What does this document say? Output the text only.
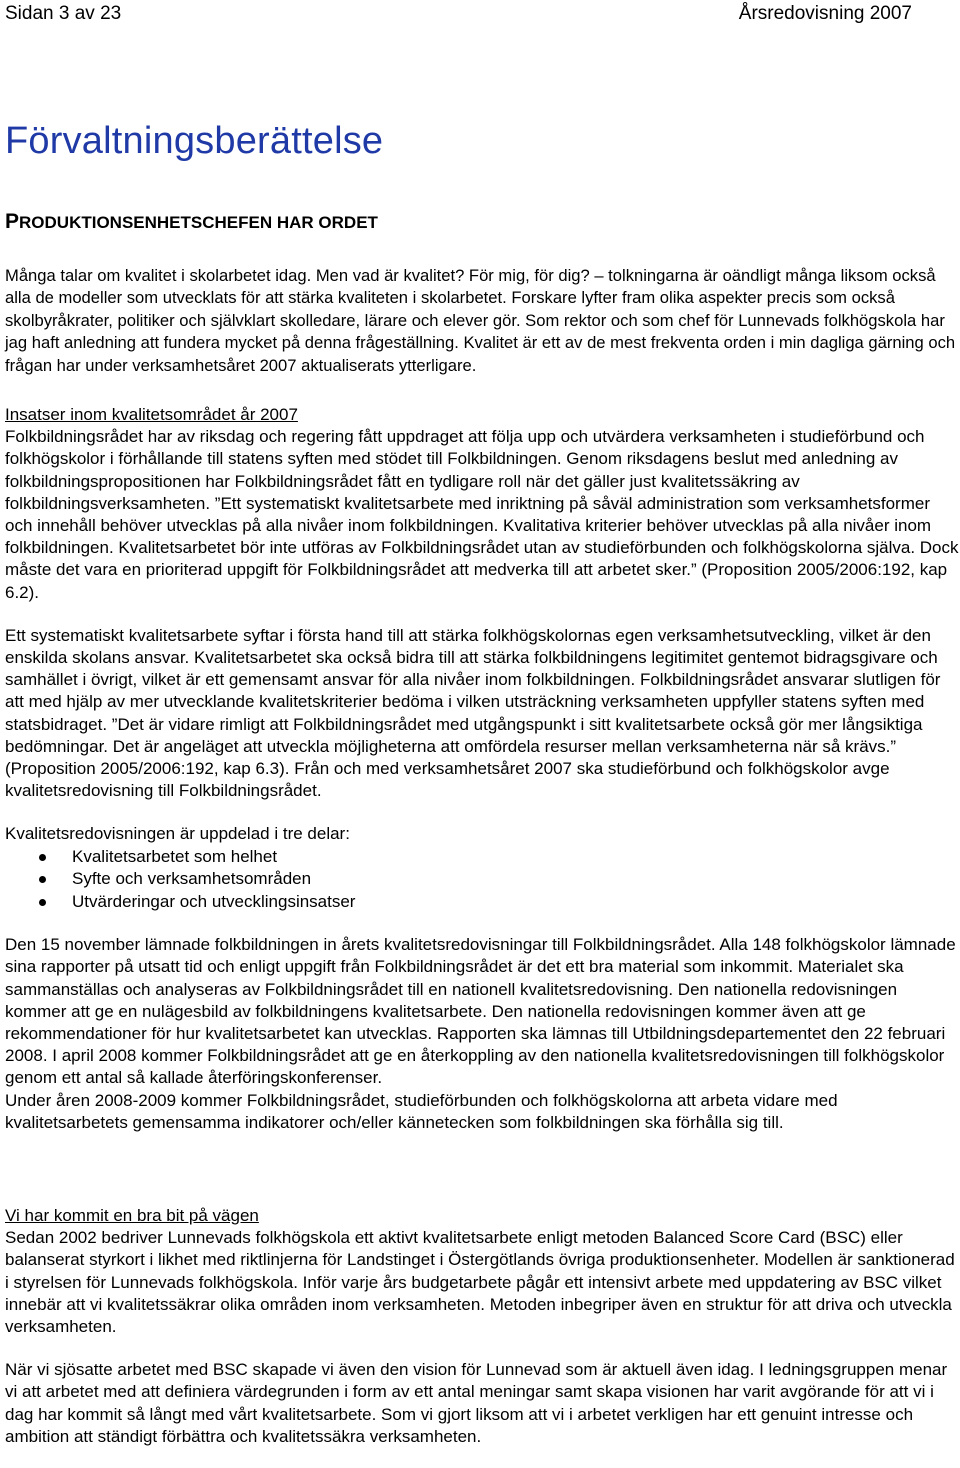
Sidan 3 av 23	Årsredovisning 2007
Förvaltningsberättelse
PRODUKTIONSENHETSCHEFEN HAR ORDET

Många talar om kvalitet i skolarbetet idag. Men vad är kvalitet? För mig, för dig? – tolkningarna är oändligt många liksom också alla de modeller som utvecklats för att stärka kvaliteten i skolarbetet. Forskare lyfter fram olika aspekter precis som också skolbyråkrater, politiker och självklart skolledare, lärare och elever gör. Som rektor och som chef för Lunnevads folkhögskola har jag haft anledning att fundera mycket på denna frågeställning. Kvalitet är ett av de mest frekventa orden i min dagliga gärning och frågan har under verksamhetsåret 2007 aktualiserats ytterligare.

Insatser inom kvalitetsområdet år 2007

Folkbildningsrådet har av riksdag och regering fått uppdraget att följa upp och utvärdera verksamheten i studieförbund och folkhögskolor i förhållande till statens syften med stödet till Folkbildningen. Genom riksdagens beslut med anledning av folkbildningspropositionen har Folkbildningsrådet fått en tydligare roll när det gäller just kvalitetssäkring av folkbildningsverksamheten. ”Ett systematiskt kvalitetsarbete med inriktning på såväl administration som verksamhetsformer och innehåll behöver utvecklas på alla nivåer inom folkbildningen. Kvalitativa kriterier behöver utvecklas på alla nivåer inom folkbildningen. Kvalitetsarbetet bör inte utföras av Folkbildningsrådet utan av studieförbunden och folkhögskolorna själva. Dock måste det vara en prioriterad uppgift för Folkbildningsrådet att medverka till att arbetet sker.” (Proposition 2005/2006:192, kap 6.2).

Ett systematiskt kvalitetsarbete syftar i första hand till att stärka folkhögskolornas egen verksamhetsutveckling, vilket är den enskilda skolans ansvar. Kvalitetsarbetet ska också bidra till att stärka folkbildningens legitimitet gentemot bidragsgivare och samhället i övrigt, vilket är ett gemensamt ansvar för alla nivåer inom folkbildningen. Folkbildningsrådet ansvarar slutligen för att med hjälp av mer utvecklande kvalitetskriterier bedöma i vilken utsträckning verksamheten uppfyller statens syften med statsbidraget. ”Det är vidare rimligt att Folkbildningsrådet med utgångspunkt i sitt kvalitetsarbete också gör mer långsiktiga bedömningar. Det är angeläget att utveckla möjligheterna att omfördela resurser mellan verksamheterna när så krävs.” (Proposition 2005/2006:192, kap 6.3). Från och med verksamhetsåret 2007 ska studieförbund och folkhögskolor avge kvalitetsredovisning till Folkbildningsrådet.

Kvalitetsredovisningen är uppdelad i tre delar:

Kvalitetsarbetet som helhet
Syfte och verksamhetsområden
Utvärderingar och utvecklingsinsatser

Den 15 november lämnade folkbildningen in årets kvalitetsredovisningar till Folkbildningsrådet. Alla 148 folkhögskolor lämnade sina rapporter på utsatt tid och enligt uppgift från Folkbildningsrådet är det ett bra material som inkommit. Materialet ska sammanställas och analyseras av Folkbildningsrådet till en nationell kvalitetsredovisning. Den nationella redovisningen kommer att ge en nulägesbild av folkbildningens kvalitetsarbete. Den nationella redovisningen kommer även att ge rekommendationer för hur kvalitetsarbetet kan utvecklas. Rapporten ska lämnas till Utbildningsdepartementet den 22 februari 2008. I april 2008 kommer Folkbildningsrådet att ge en återkoppling av den nationella kvalitetsredovisningen till folkhögskolor genom ett antal så kallade återföringskonferenser.

Under åren 2008-2009 kommer Folkbildningsrådet, studieförbunden och folkhögskolorna att arbeta vidare med kvalitetsarbetets gemensamma indikatorer och/eller kännetecken som folkbildningen ska förhålla sig till.

Vi har kommit en bra bit på vägen

Sedan 2002 bedriver Lunnevads folkhögskola ett aktivt kvalitetsarbete enligt metoden Balanced Score Card (BSC) eller balanserat styrkort i likhet med riktlinjerna för Landstinget i Östergötlands övriga produktionsenheter. Modellen är sanktionerad i styrelsen för Lunnevads folkhögskola. Inför varje års budgetarbete pågår ett intensivt arbete med uppdatering av BSC vilket innebär att vi kvalitetssäkrar olika områden inom verksamheten. Metoden inbegriper även en struktur för att driva och utveckla verksamheten.

När vi sjösatte arbetet med BSC skapade vi även den vision för Lunnevad som är aktuell även idag. I ledningsgruppen menar vi att arbetet med att definiera värdegrunden i form av ett antal meningar samt skapa visionen har varit avgörande för att vi i dag har kommit så långt med vårt kvalitetsarbete. Som vi gjort liksom att vi i arbetet verkligen har ett genuint intresse och ambition att ständigt förbättra och kvalitetssäkra verksamheten.
